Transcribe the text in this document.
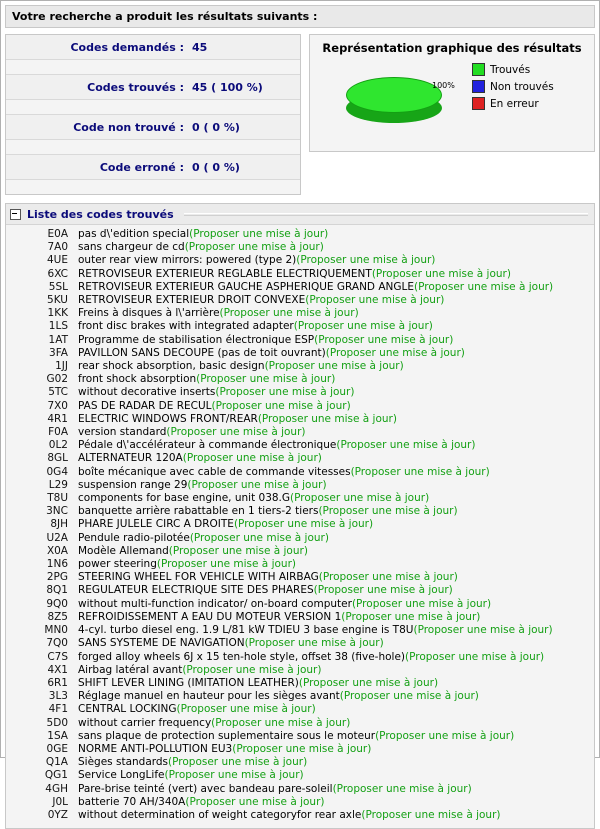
Votre recherche a produit les résultats suivants :
Codes demandés : 45
Codes trouvés : 45 ( 100 %)
Code non trouvé : 0 ( 0 %)
Code erroné : 0 ( 0 %)
Représentation graphique des résultats
100%
Trouvés
Non trouvés
En erreur
Liste des codes trouvés
E0A pas d\'edition special (Proposer une mise à jour)
7A0 sans chargeur de cd (Proposer une mise à jour)
4UE outer rear view mirrors: powered (type 2) (Proposer une mise à jour)
6XC RETROVISEUR EXTERIEUR REGLABLE ELECTRIQUEMENT (Proposer une mise à jour)
5SL RETROVISEUR EXTERIEUR GAUCHE ASPHERIQUE GRAND ANGLE (Proposer une mise à jour)
5KU RETROVISEUR EXTERIEUR DROIT CONVEXE (Proposer une mise à jour)
1KK Freins à disques à l\'arrière (Proposer une mise à jour)
1LS front disc brakes with integrated adapter (Proposer une mise à jour)
1AT Programme de stabilisation électronique ESP (Proposer une mise à jour)
3FA PAVILLON SANS DECOUPE (pas de toit ouvrant) (Proposer une mise à jour)
1JJ rear shock absorption, basic design (Proposer une mise à jour)
G02 front shock absorption (Proposer une mise à jour)
5TC without decorative inserts (Proposer une mise à jour)
7X0 PAS DE RADAR DE RECUL (Proposer une mise à jour)
4R1 ELECTRIC WINDOWS FRONT/REAR (Proposer une mise à jour)
F0A version standard (Proposer une mise à jour)
0L2 Pédale d\'accélérateur à commande électronique (Proposer une mise à jour)
8GL ALTERNATEUR 120A (Proposer une mise à jour)
0G4 boîte mécanique avec cable de commande vitesses (Proposer une mise à jour)
L29 suspension range 29 (Proposer une mise à jour)
T8U components for base engine, unit 038.G (Proposer une mise à jour)
3NC banquette arrière rabattable en 1 tiers-2 tiers (Proposer une mise à jour)
8JH PHARE JULELE CIRC A DROITE (Proposer une mise à jour)
U2A Pendule radio-pilotée (Proposer une mise à jour)
X0A Modèle Allemand (Proposer une mise à jour)
1N6 power steering (Proposer une mise à jour)
2PG STEERING WHEEL FOR VEHICLE WITH AIRBAG (Proposer une mise à jour)
8Q1 REGULATEUR ELECTRIQUE SITE DES PHARES (Proposer une mise à jour)
9Q0 without multi-function indicator/ on-board computer (Proposer une mise à jour)
8Z5 REFROIDISSEMENT A EAU DU MOTEUR VERSION 1 (Proposer une mise à jour)
MN0 4-cyl. turbo diesel eng. 1.9 L/81 kW TDIEU 3 base engine is T8U (Proposer une mise à jour)
7Q0 SANS SYSTEME DE NAVIGATION (Proposer une mise à jour)
C7S forged alloy wheels 6J x 15 ten-hole style, offset 38 (five-hole) (Proposer une mise à jour)
4X1 Airbag latéral avant (Proposer une mise à jour)
6R1 SHIFT LEVER LINING (IMITATION LEATHER) (Proposer une mise à jour)
3L3 Réglage manuel en hauteur pour les sièges avant (Proposer une mise à jour)
4F1 CENTRAL LOCKING (Proposer une mise à jour)
5D0 without carrier frequency (Proposer une mise à jour)
1SA sans plaque de protection suplementaire sous le moteur (Proposer une mise à jour)
0GE NORME ANTI-POLLUTION EU3 (Proposer une mise à jour)
Q1A Sièges standards (Proposer une mise à jour)
QG1 Service LongLife (Proposer une mise à jour)
4GH Pare-brise teinté (vert) avec bandeau pare-soleil (Proposer une mise à jour)
J0L batterie 70 AH/340A (Proposer une mise à jour)
0YZ without determination of weight categoryfor rear axle (Proposer une mise à jour)
